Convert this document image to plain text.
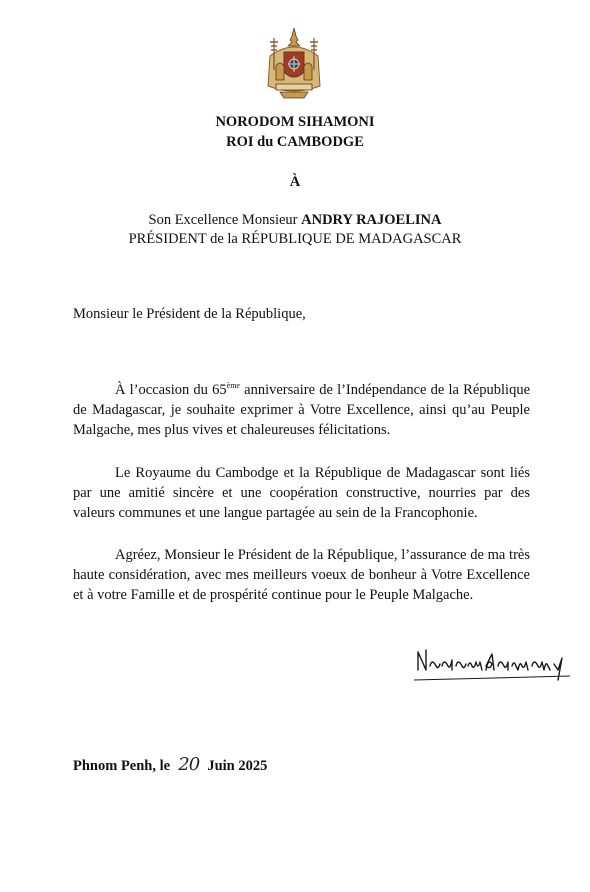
NORODOM SIHAMONI
ROI du CAMBODGE
À
Son Excellence Monsieur ANDRY RAJOELINA
PRÉSIDENT de la RÉPUBLIQUE DE MADAGASCAR
Monsieur le Président de la République,

À l’occasion du 65ème anniversaire de l’Indépendance de la République de Madagascar, je souhaite exprimer à Votre Excellence, ainsi qu’au Peuple Malgache, mes plus vives et chaleureuses félicitations.

Le Royaume du Cambodge et la République de Madagascar sont liés par une amitié sincère et une coopération constructive, nourries par des valeurs communes et une langue partagée au sein de la Francophonie.

Agréez, Monsieur le Président de la République, l’assurance de ma très haute considération, avec mes meilleurs voeux de bonheur à Votre Excellence et à votre Famille et de prospérité continue pour le Peuple Malgache.

Phnom Penh, le 20 Juin 2025
